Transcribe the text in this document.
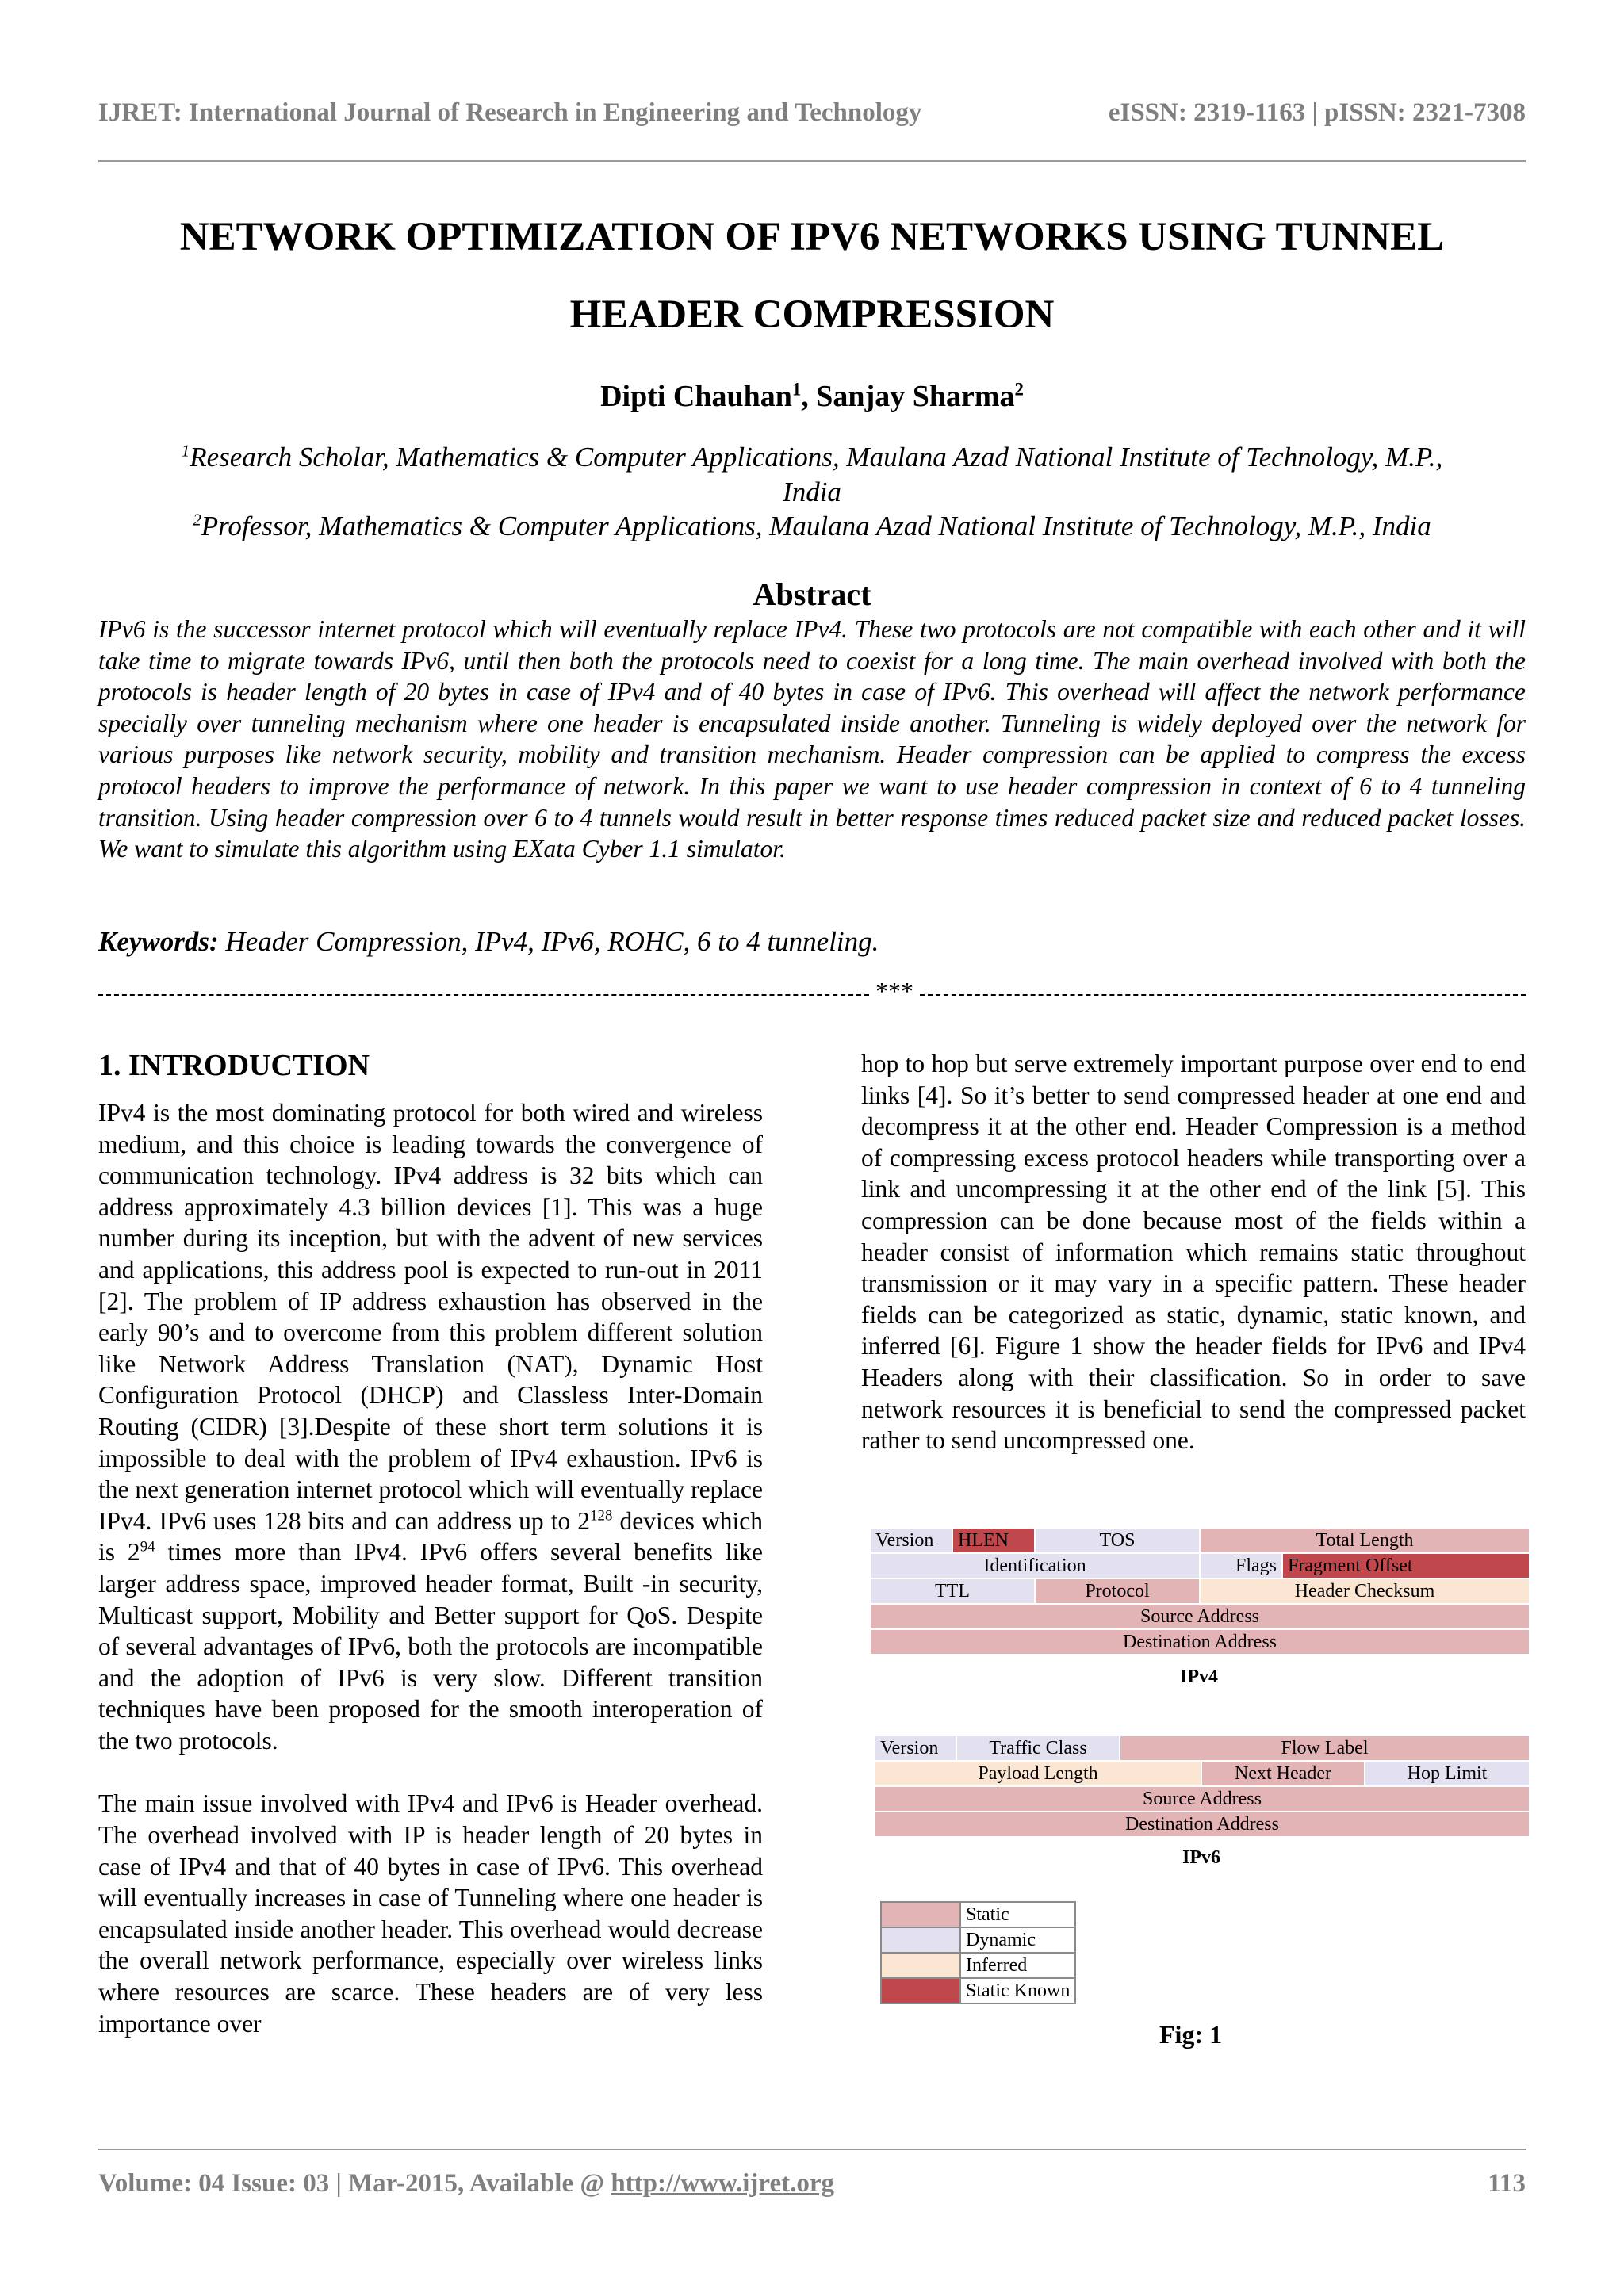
IJRET: International Journal of Research in Engineering and Technology	eISSN: 2319-1163 | pISSN: 2321-7308
NETWORK OPTIMIZATION OF IPV6 NETWORKS USING TUNNEL
HEADER COMPRESSION
Dipti Chauhan$^1$, Sanjay Sharma$^2$
$^1$Research Scholar, Mathematics & Computer Applications, Maulana Azad National Institute of Technology, M.P.,
India
$^2$Professor, Mathematics & Computer Applications, Maulana Azad National Institute of Technology, M.P., India
Abstract
IPv6 is the successor internet protocol which will eventually replace IPv4. These two protocols are not compatible with each other and it will take time to migrate towards IPv6, until then both the protocols need to coexist for a long time. The main overhead involved with both the protocols is header length of 20 bytes in case of IPv4 and of 40 bytes in case of IPv6. This overhead will affect the network performance specially over tunneling mechanism where one header is encapsulated inside another. Tunneling is widely deployed over the network for various purposes like network security, mobility and transition mechanism. Header compression can be applied to compress the excess protocol headers to improve the performance of network. In this paper we want to use header compression in context of 6 to 4 tunneling transition. Using header compression over 6 to 4 tunnels would result in better response times reduced packet size and reduced packet losses. We want to simulate this algorithm using EXata Cyber 1.1 simulator.
Keywords: Header Compression, IPv4, IPv6, ROHC, 6 to 4 tunneling.
***
1. INTRODUCTION

IPv4 is the most dominating protocol for both wired and wireless medium, and this choice is leading towards the convergence of communication technology. IPv4 address is 32 bits which can address approximately 4.3 billion devices [1]. This was a huge number during its inception, but with the advent of new services and applications, this address pool is expected to run-out in 2011 [2]. The problem of IP address exhaustion has observed in the early 90’s and to overcome from this problem different solution like Network Address Translation (NAT), Dynamic Host Configuration Protocol (DHCP) and Classless Inter-Domain Routing (CIDR) [3].Despite of these short term solutions it is impossible to deal with the problem of IPv4 exhaustion. IPv6 is the next generation internet protocol which will eventually replace IPv4. IPv6 uses 128 bits and can address up to $2^{128}$ devices which is $2^{94}$ times more than IPv4. IPv6 offers several benefits like larger address space, improved header format, Built -in security, Multicast support, Mobility and Better support for QoS. Despite of several advantages of IPv6, both the protocols are incompatible and the adoption of IPv6 is very slow. Different transition techniques have been proposed for the smooth interoperation of the two protocols.

The main issue involved with IPv4 and IPv6 is Header overhead. The overhead involved with IP is header length of 20 bytes in case of IPv4 and that of 40 bytes in case of IPv6. This overhead will eventually increases in case of Tunneling where one header is encapsulated inside another header. This overhead would decrease the overall network performance, especially over wireless links where resources are scarce. These headers are of very less importance over

hop to hop but serve extremely important purpose over end to end links [4]. So it’s better to send compressed header at one end and decompress it at the other end. Header Compression is a method of compressing excess protocol headers while transporting over a link and uncompressing it at the other end of the link [5]. This compression can be done because most of the fields within a header consist of information which remains static throughout transmission or it may vary in a specific pattern. These header fields can be categorized as static, dynamic, static known, and inferred [6]. Figure 1 show the header fields for IPv6 and IPv4 Headers along with their classification. So in order to save network resources it is beneficial to send the compressed packet rather to send uncompressed one.

Version	HLEN	TOS	Total Length	
Identification			Flags	Fragment Offset
TTL		Protocol	Header Checksum	
Source Address				
Destination Address				
IPv4
Version	Traffic Class	Flow Label		
Payload Length			Next Header	Hop Limit
Source Address				
Destination Address				
IPv6
	Static
	Dynamic
	Inferred
	Static Known
Fig: 1
Volume: 04 Issue: 03 | Mar-2015, Available @ http://www.ijret.org	113
